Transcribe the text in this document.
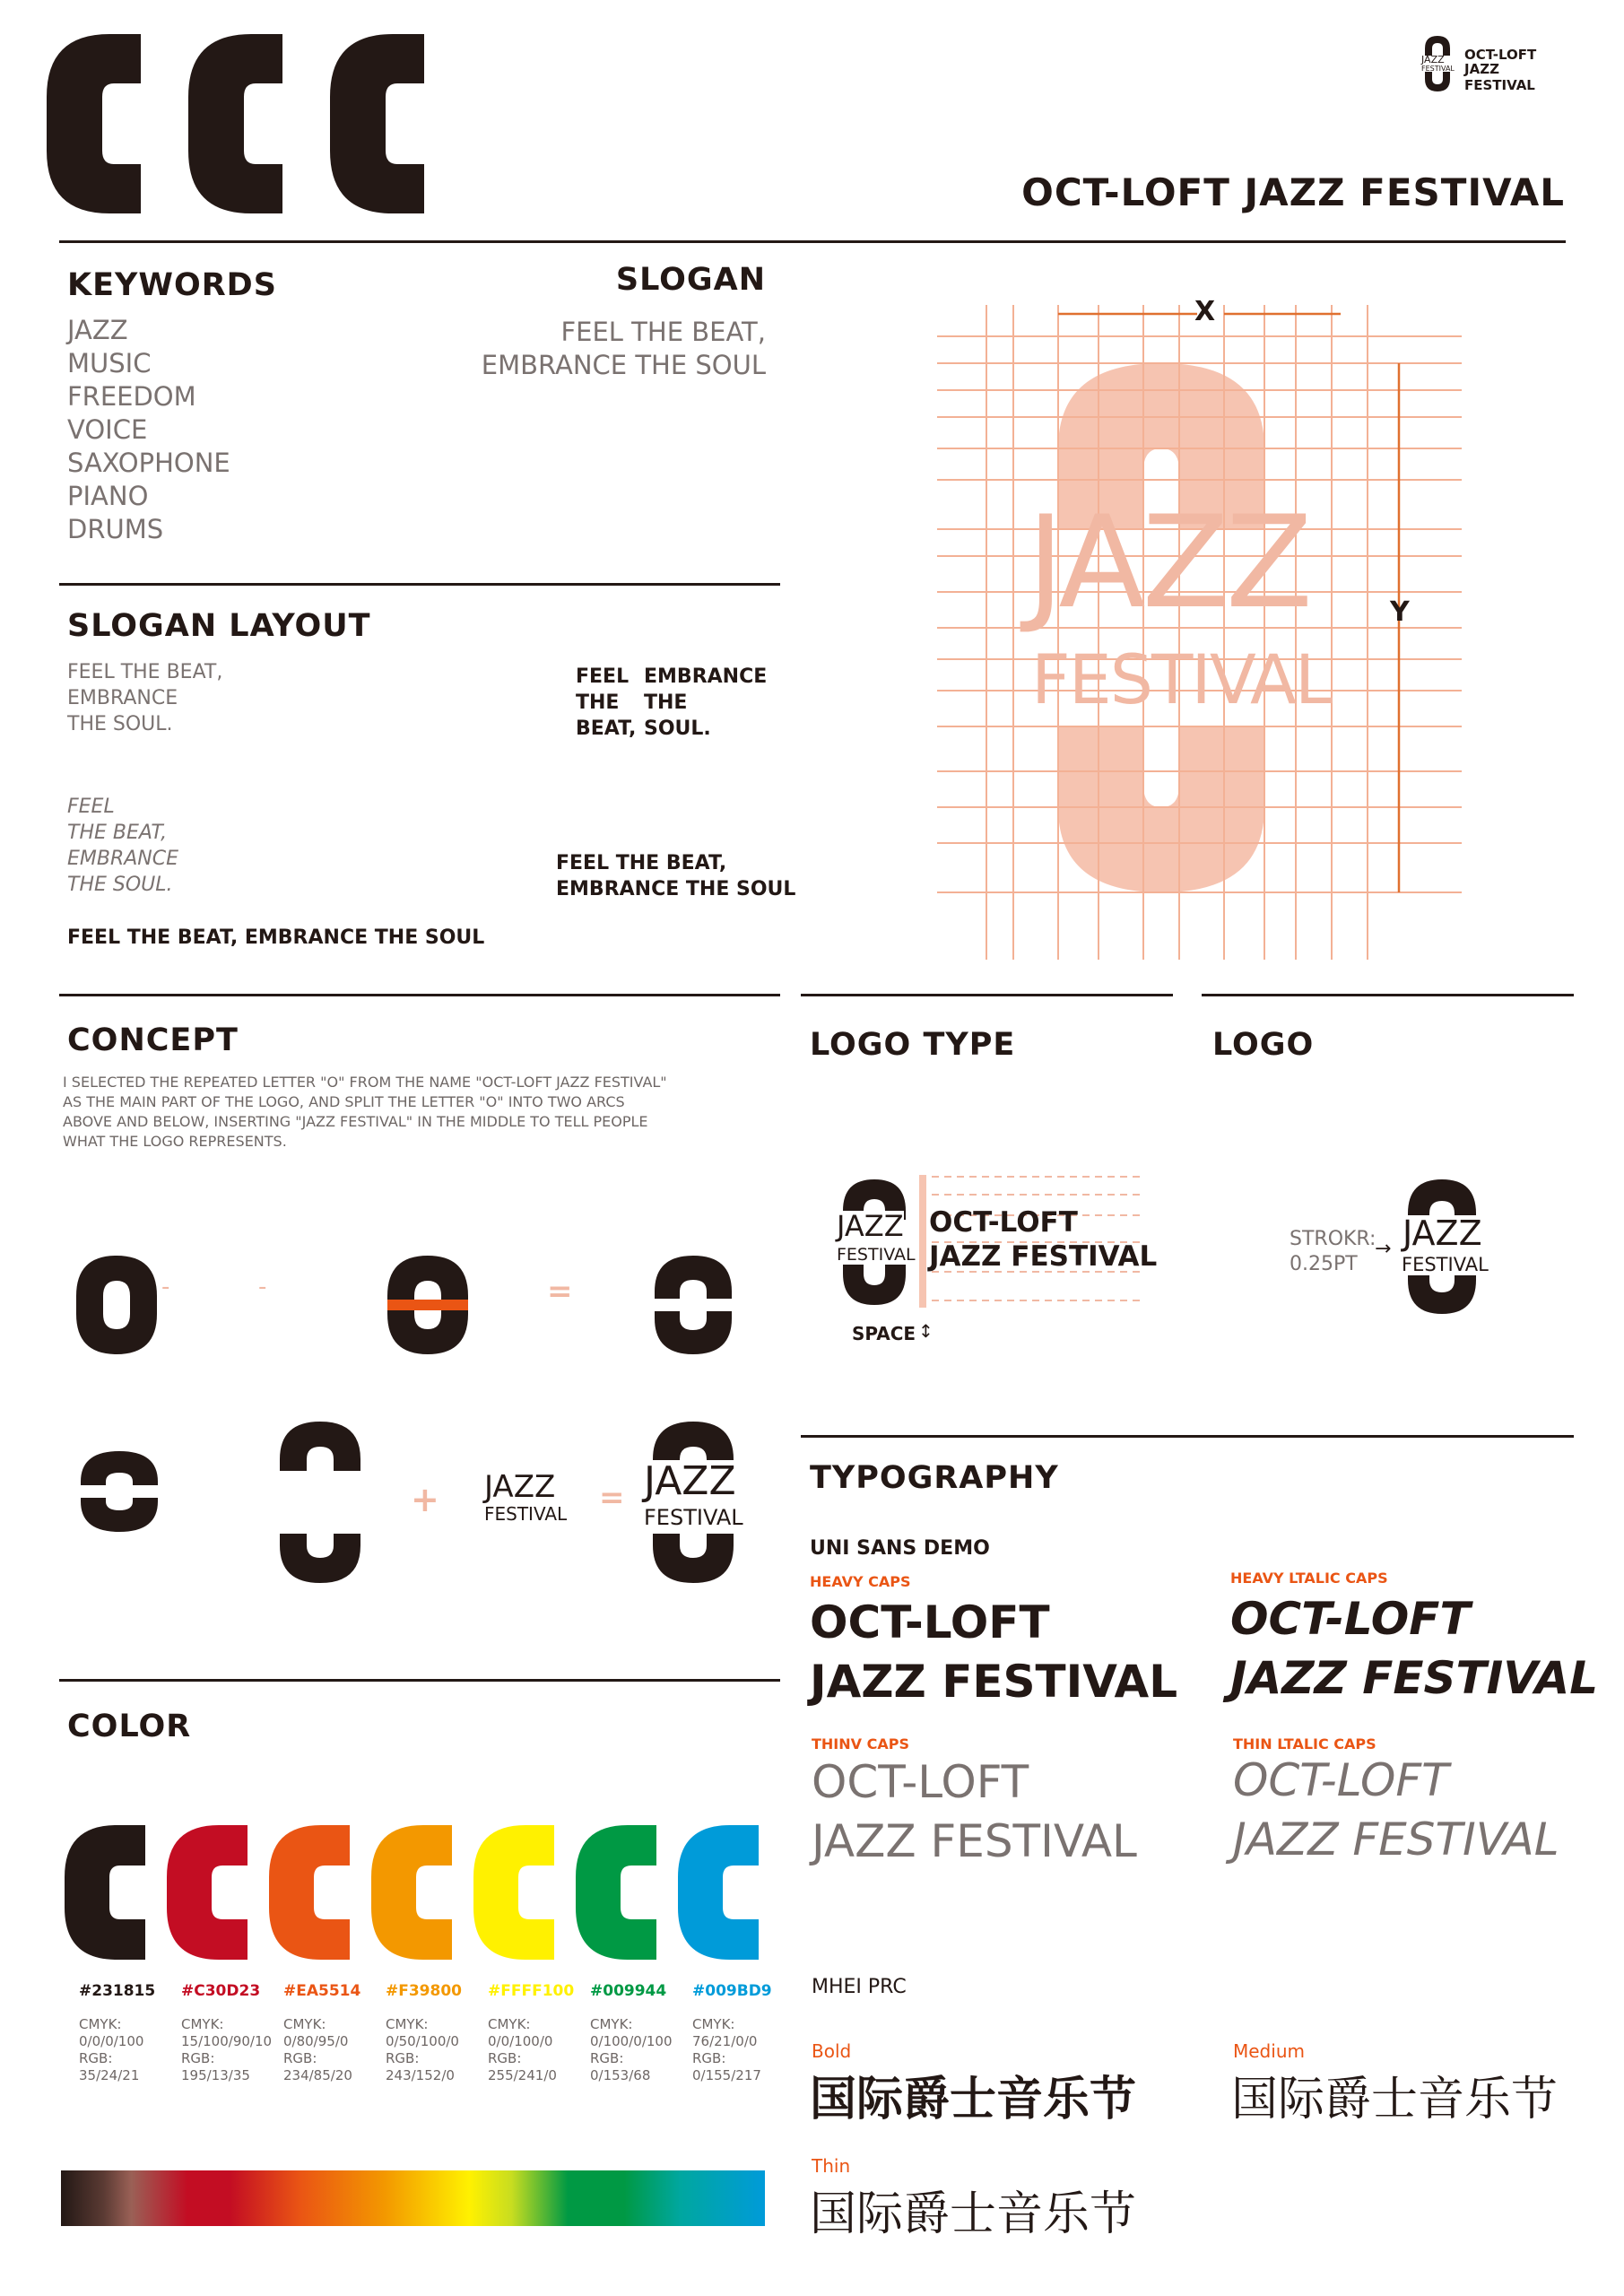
JAZZ
FESTIVAL
OCT-LOFT
JAZZ FESTIVAL
OCT-LOFT JAZZ FESTIVAL
KEYWORDS
JAZZ
MUSIC
FREEDOM
VOICE
SAXOPHONE
PIANO
DRUMS
SLOGAN
FEEL THE BEAT,
EMBRANCE THE SOUL
X
Y
JAZZ
FESTIVAL
SLOGAN LAYOUT
FEEL THE BEAT,
EMBRANCE
THE SOUL.
FEEL
THE
BEAT,
EMBRANCE
THE
SOUL.
FEEL
THE BEAT,
EMBRANCE
THE SOUL.
FEEL THE BEAT,
EMBRANCE THE SOUL
FEEL THE BEAT, EMBRANCE THE SOUL
CONCEPT
I SELECTED THE REPEATED LETTER "O" FROM THE NAME "OCT-LOFT JAZZ FESTIVAL" AS THE MAIN PART OF THE LOGO, AND SPLIT THE LETTER "O" INTO TWO ARCS ABOVE AND BELOW, INSERTING "JAZZ FESTIVAL" IN THE MIDDLE TO TELL PEOPLE WHAT THE LOGO REPRESENTS.
-	-	=
+ JAZZ
FESTIVAL = JAZZ
FESTIVAL
LOGO TYPE
JAZZ
FESTIVAL
OCT-LOFT
JAZZ FESTIVAL
SPACE ↕
LOGO
STROKR:
0.25PT
→ JAZZ
FESTIVAL
COLOR
#231815
CMYK:
0/0/0/100
RGB:
35/24/21
#C30D23
CMYK:
15/100/90/10
RGB:
195/13/35
#EA5514
CMYK:
0/80/95/0
RGB:
234/85/20
#F39800
CMYK:
0/50/100/0
RGB:
243/152/0
#FFFF100
CMYK:
0/0/100/0
RGB:
255/241/0
#009944
CMYK:
0/100/0/100
RGB:
0/153/68
#009BD9
CMYK:
76/21/0/0
RGB:
0/155/217
TYPOGRAPHY
UNI SANS DEMO
HEAVY CAPS
OCT-LOFT
JAZZ FESTIVAL
HEAVY LTALIC CAPS
OCT-LOFT
JAZZ FESTIVAL
THINV CAPS
OCT-LOFT
JAZZ FESTIVAL
THIN LTALIC CAPS
OCT-LOFT
JAZZ FESTIVAL
MHEI PRC
Bold
国际爵士音乐节
Medium
国际爵士音乐节
Thin
国际爵士音乐节
